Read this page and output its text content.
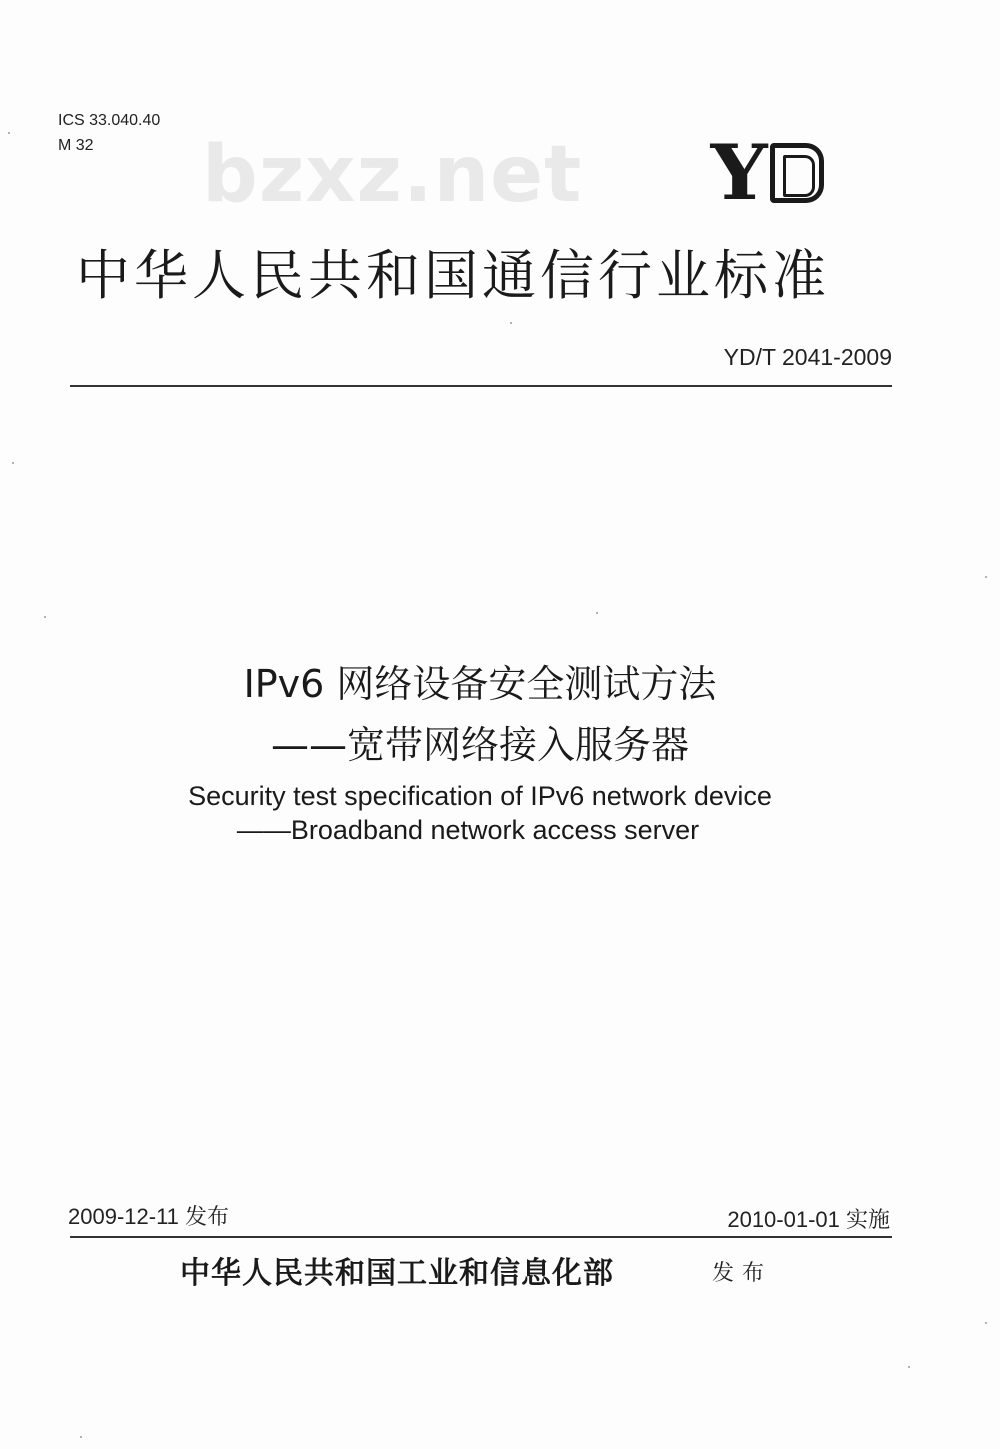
ICS 33.040.40
M 32	bzxz.net Y
中华人民共和国通信行业标准
YD/T 2041-2009
IPv6 网络设备安全测试方法
——宽带网络接入服务器
Security test specification of IPv6 network device
——Broadband network access server
2009-12-11 发布	2010-01-01 实施
中华人民共和国工业和信息化部	发布
